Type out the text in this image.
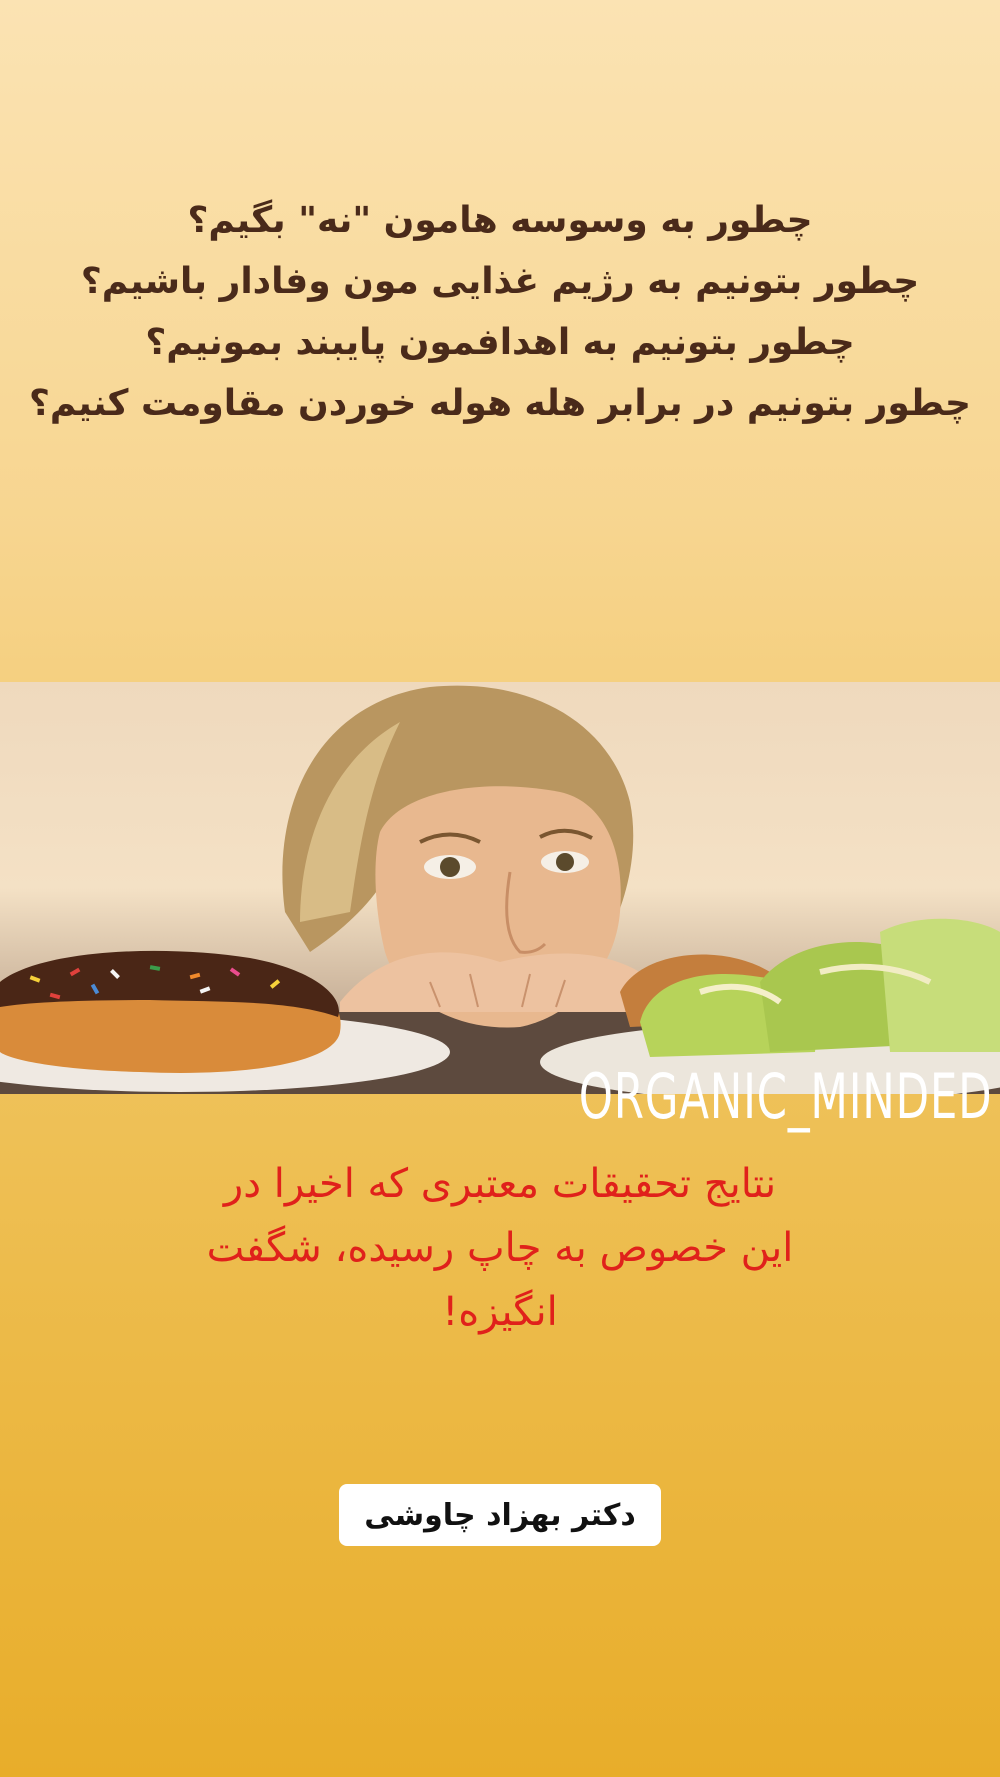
چطور به وسوسه هامون "نه" بگیم؟
چطور بتونیم به رژیم غذایی مون وفادار باشیم؟
چطور بتونیم به اهدافمون پایبند بمونیم؟
چطور بتونیم در برابر هله هوله خوردن مقاومت کنیم؟
ORGANIC_MINDED
نتایج تحقیقات معتبری که اخیرا در
این خصوص به چاپ رسیده، شگفت
انگیزه!
دکتر بهزاد چاوشی
